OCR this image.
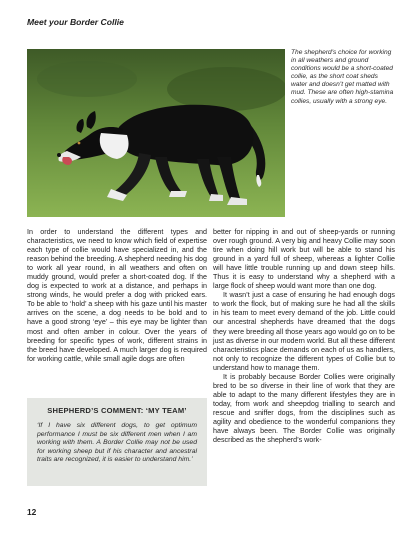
Meet your Border Collie
The shepherd’s choice for working in all weathers and ground conditions would be a short-coated collie, as the short coat sheds water and doesn’t get matted with mud. These are often high-stamina collies, usually with a strong eye.

In order to understand the different types and characteristics, we need to know which field of expertise each type of collie would have specialized in, and the reason behind the breeding. A shepherd needing his dog to work all year round, in all weathers and often on muddy ground, would prefer a short-coated dog. If the dog is expected to work at a distance, and perhaps in strong winds, he would prefer a dog with pricked ears. To be able to ‘hold’ a sheep with his gaze until his master arrives on the scene, a dog needs to be bold and to have a good strong ‘eye’ – this eye may be lighter than most and often amber in colour. Over the years of breeding for specific types of work, different strains in the breed have developed. A much larger dog is required for working cattle, while small agile dogs are often

SHEPHERD’S COMMENT: ‘MY TEAM’
‘If I have six different dogs, to get optimum performance I must be six different men when I am working with them. A Border Collie may not be used for working sheep but if his character and ancestral traits are recognized, it is easier to understand him.’

better for nipping in and out of sheep-yards or running over rough ground. A very big and heavy Collie may soon tire when doing hill work but will be able to stand his ground in a yard full of sheep, whereas a lighter Collie will have little trouble running up and down steep hills. Thus it is easy to understand why a shepherd with a large flock of sheep would want more than one dog.

It wasn’t just a case of ensuring he had enough dogs to work the flock, but of making sure he had all the skills in his team to meet every demand of the job. Little could our ancestral shepherds have dreamed that the dogs they were breeding all those years ago would go on to be just as diverse in our modern world. But all these different characteristics place demands on each of us as handlers, not only to recognize the different types of Collie but to understand how to manage them.

It is probably because Border Collies were originally bred to be so diverse in their line of work that they are able to adapt to the many different lifestyles they are in today, from work and sheepdog trialling to search and rescue and sniffer dogs, from the disciplines such as agility and obedience to the wonderful companions they have always been. The Border Collie was originally described as the shepherd’s work-

12
